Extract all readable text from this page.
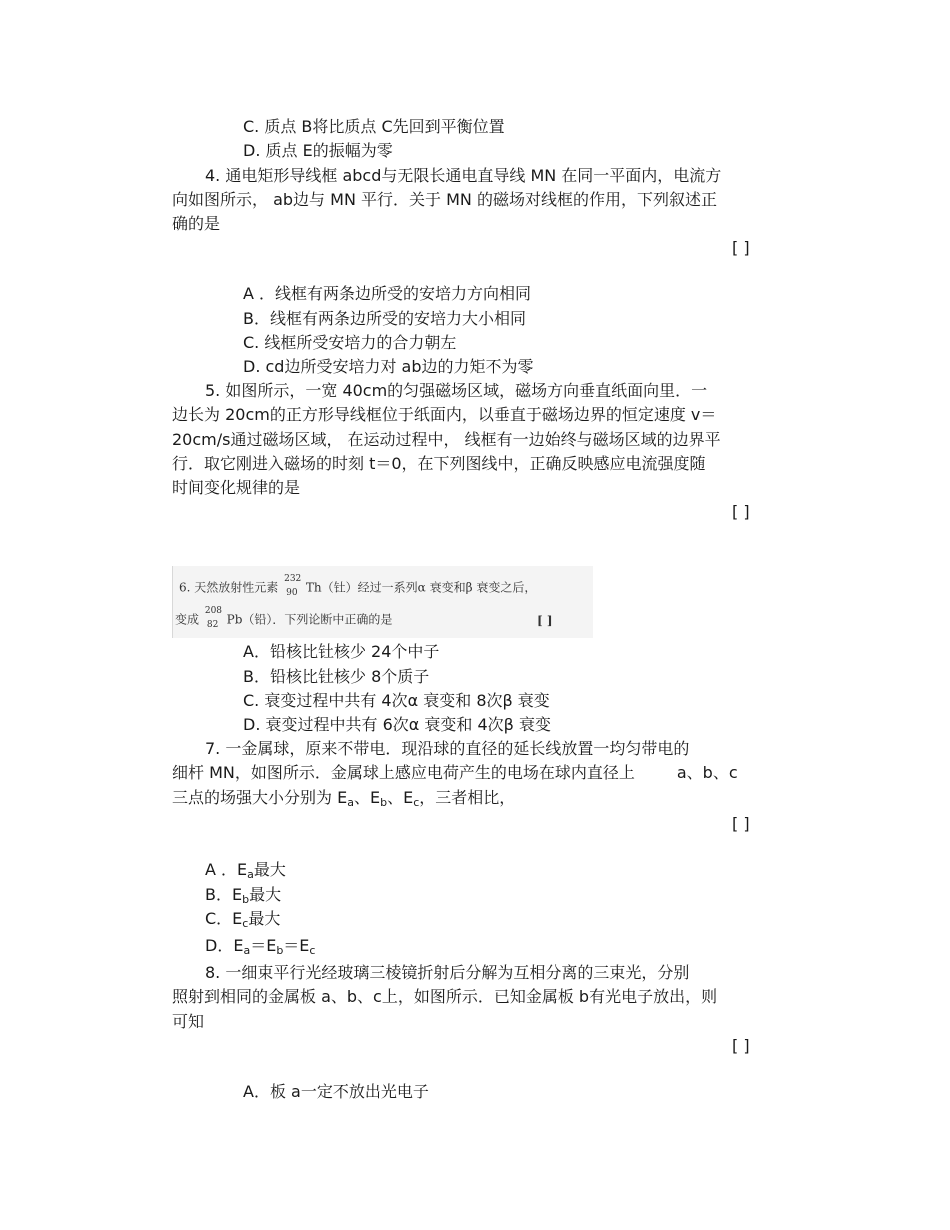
C. 质点 B将比质点 C先回到平衡位置
D. 质点 E的振幅为零
4. 通电矩形导线框 abcd与无限长通电直导线 MN 在同一平面内，电流方
向如图所示， ab边与 MN 平行．关于 MN 的磁场对线框的作用，下列叙述正
确的是
[ ]
A ．线框有两条边所受的安培力方向相同
B．线框有两条边所受的安培力大小相同
C. 线框所受安培力的合力朝左
D. cd边所受安培力对 ab边的力矩不为零
5. 如图所示，一宽 40cm的匀强磁场区域，磁场方向垂直纸面向里．一
边长为 20cm的正方形导线框位于纸面内，以垂直于磁场边界的恒定速度 v＝
20cm/s通过磁场区域， 在运动过程中， 线框有一边始终与磁场区域的边界平
行．取它刚进入磁场的时刻 t＝0，在下列图线中，正确反映感应电流强度随
时间变化规律的是
[ ]
6. 天然放射性元素
232
90 Th（钍）经过一系列α 衰变和β 衰变之后，
变成
208
82 Pb（铅）．下列论断中正确的是	[ ]
A．铅核比钍核少 24个中子
B．铅核比钍核少 8个质子
C. 衰变过程中共有 4次α 衰变和 8次β 衰变
D. 衰变过程中共有 6次α 衰变和 4次β 衰变
7. 一金属球，原来不带电．现沿球的直径的延长线放置一均匀带电的
细杆 MN，如图所示．金属球上感应电荷产生的电场在球内直径上	a、b、c
三点的场强大小分别为 $E_a$、$E_b$、$E_c$，三者相比，
[ ]
A ．$E_a$最大
B．$E_b$最大
C．$E_c$最大
D．$E_a=E_b=E_c$
8. 一细束平行光经玻璃三棱镜折射后分解为互相分离的三束光，分别
照射到相同的金属板 a、b、c上，如图所示．已知金属板 b有光电子放出，则
可知
[ ]
A．板 a一定不放出光电子
